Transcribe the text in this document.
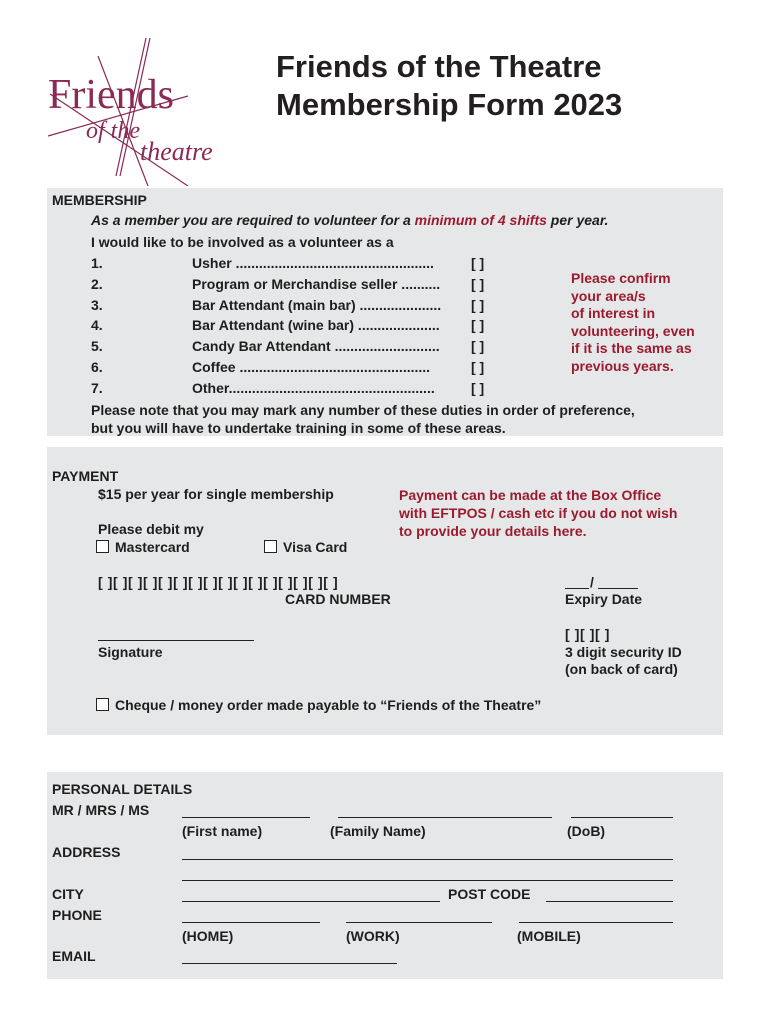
Friends
of the
theatre
Friends of the Theatre
Membership Form 2023
MEMBERSHIP
As a member you are required to volunteer for a minimum of 4 shifts per year.
I would like to be involved as a volunteer as a
1.	Usher ...................................................	[ ]
2.	Program or Merchandise seller .......... [ ]
3.	Bar Attendant (main bar) ..................... [ ]
4.	Bar Attendant (wine bar) ..................... [ ]
5.	Candy Bar Attendant ........................... [ ]
6.	Coffee .................................................	[ ]
7.	Other.....................................................	[ ]
Please confirm
your area/s
of interest in
volunteering, even
if it is the same as
previous years.
Please note that you may mark any number of these duties in order of preference,
but you will have to undertake training in some of these areas.
PAYMENT
$15 per year for single membership	Payment can be made at the Box Office
with EFTPOS / cash etc if you do not wish
to provide your details here.
Please debit my
Mastercard	Visa Card
[ ][ ][ ][ ][ ][ ][ ][ ][ ][ ][ ][ ][ ][ ][ ][ ]
CARD NUMBER
/
Expiry Date
Signature
[ ][ ][ ]
3 digit security ID
(on back of card)
Cheque / money order made payable to “Friends of the Theatre”
PERSONAL DETAILS
MR / MRS / MS
(First name)	(Family Name)	(DoB)
ADDRESS
CITY	POST CODE
PHONE
(HOME)	(WORK)	(MOBILE)
EMAIL
